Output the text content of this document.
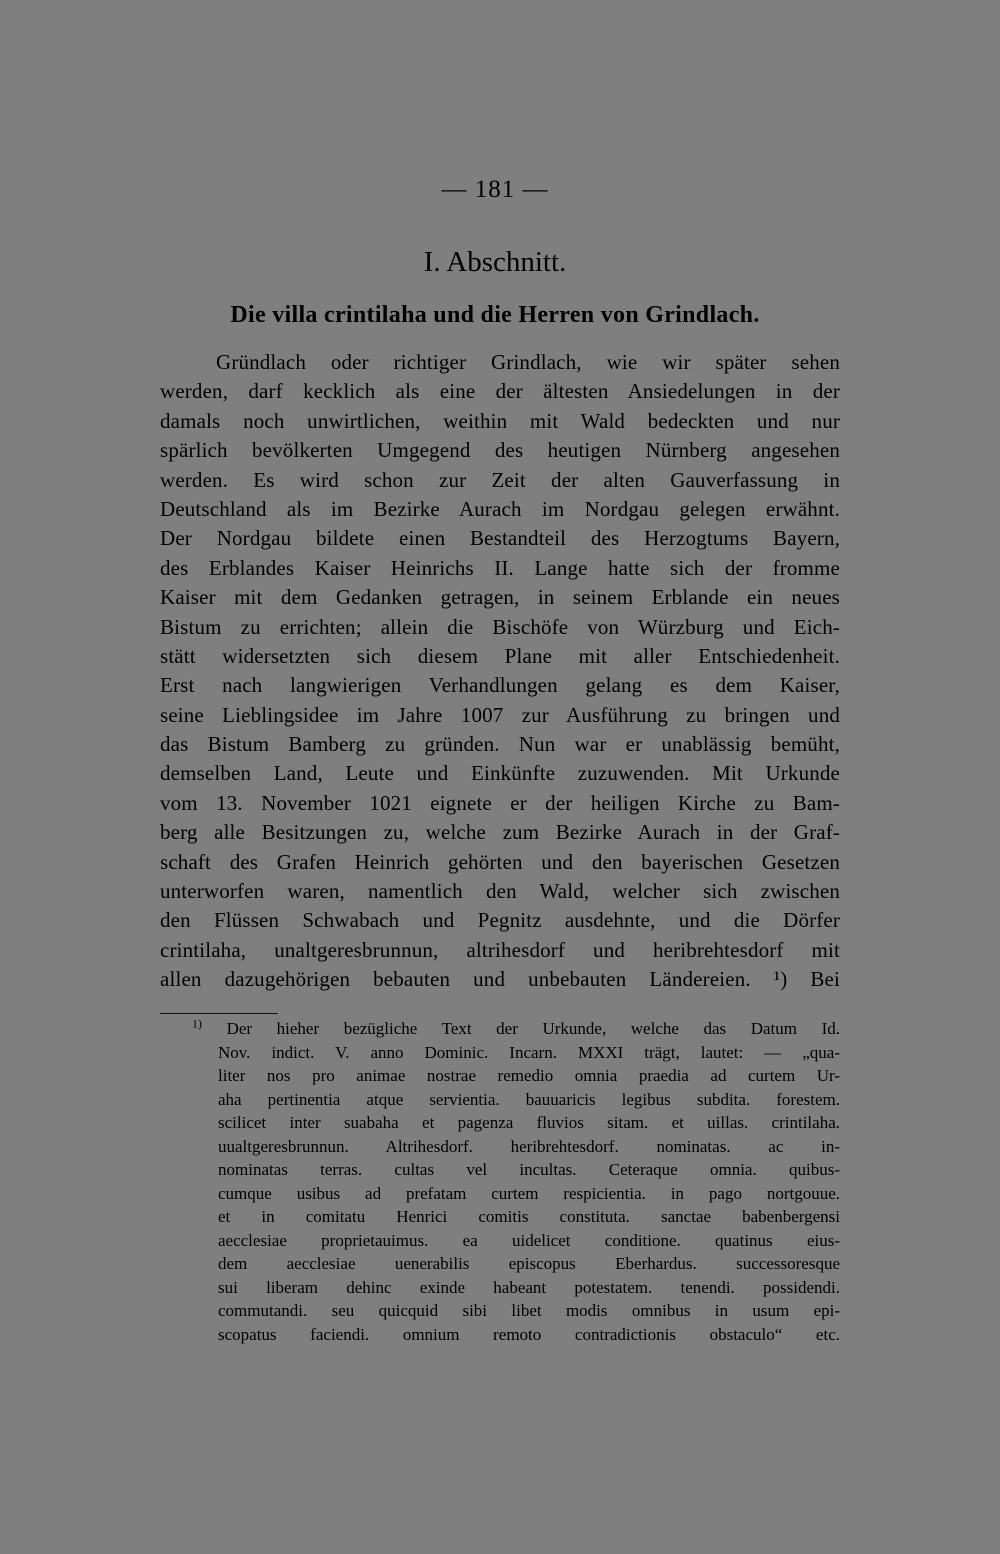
— 181 —
I. Abschnitt.
Die villa crintilaha und die Herren von Grindlach.
Gründlach oder richtiger Grindlach, wie wir später sehen
werden, darf kecklich als eine der ältesten Ansiedelungen in der
damals noch unwirtlichen, weithin mit Wald bedeckten und nur
spärlich bevölkerten Umgegend des heutigen Nürnberg angesehen
werden. Es wird schon zur Zeit der alten Gauverfassung in
Deutschland als im Bezirke Aurach im Nordgau gelegen erwähnt.
Der Nordgau bildete einen Bestandteil des Herzogtums Bayern,
des Erblandes Kaiser Heinrichs II. Lange hatte sich der fromme
Kaiser mit dem Gedanken getragen, in seinem Erblande ein neues
Bistum zu errichten; allein die Bischöfe von Würzburg und Eich-
stätt widersetzten sich diesem Plane mit aller Entschiedenheit.
Erst nach langwierigen Verhandlungen gelang es dem Kaiser,
seine Lieblingsidee im Jahre 1007 zur Ausführung zu bringen und
das Bistum Bamberg zu gründen. Nun war er unablässig bemüht,
demselben Land, Leute und Einkünfte zuzuwenden. Mit Urkunde
vom 13. November 1021 eignete er der heiligen Kirche zu Bam-
berg alle Besitzungen zu, welche zum Bezirke Aurach in der Graf-
schaft des Grafen Heinrich gehörten und den bayerischen Gesetzen
unterworfen waren, namentlich den Wald, welcher sich zwischen
den Flüssen Schwabach und Pegnitz ausdehnte, und die Dörfer
crintilaha, unaltgeresbrunnun, altrihesdorf und heribrehtesdorf mit
allen dazugehörigen bebauten und unbebauten Ländereien. ¹) Bei
$^{1)}$ Der hieher bezügliche Text der Urkunde, welche das Datum Id.
Nov. indict. V. anno Dominic. Incarn. MXXI trägt, lautet: — „qua-
liter nos pro animae nostrae remedio omnia praedia ad curtem Ur-
aha pertinentia atque servientia. bauuaricis legibus subdita. forestem.
scilicet inter suabaha et pagenza fluvios sitam. et uillas. crintilaha.
uualtgeresbrunnun. Altrihesdorf. heribrehtesdorf. nominatas. ac in-
nominatas terras. cultas vel incultas. Ceteraque omnia. quibus-
cumque usibus ad prefatam curtem respicientia. in pago nortgouue.
et in comitatu Henrici comitis constituta. sanctae babenbergensi
aecclesiae proprietauimus. ea uidelicet conditione. quatinus eius-
dem aecclesiae uenerabilis episcopus Eberhardus. successoresque
sui liberam dehinc exinde habeant potestatem. tenendi. possidendi.
commutandi. seu quicquid sibi libet modis omnibus in usum epi-
scopatus faciendi. omnium remoto contradictionis obstaculo“ etc.
